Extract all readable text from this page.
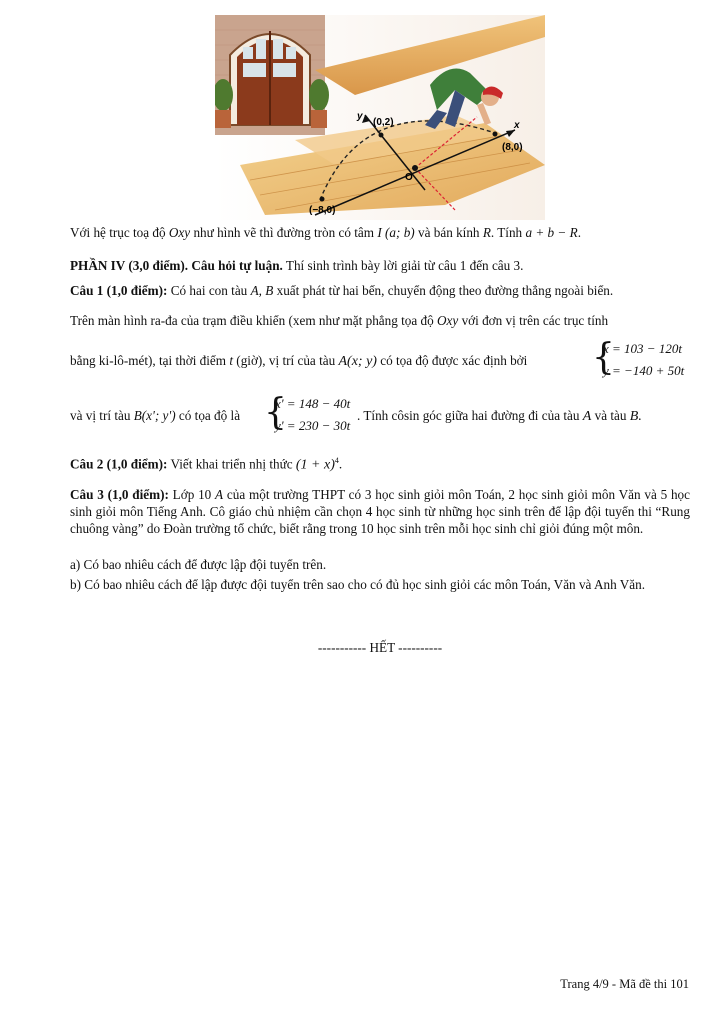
y
(0,2)	x
(8,0)
O
(−8,0)
Với hệ trục toạ độ Oxy như hình vẽ thì đường tròn có tâm I (a; b) và bán kính R. Tính a + b − R.
PHẦN IV (3,0 điểm). Câu hỏi tự luận. Thí sinh trình bày lời giải từ câu 1 đến câu 3.
Câu 1 (1,0 điểm): Có hai con tàu A, B xuất phát từ hai bến, chuyển động theo đường thẳng ngoài biển.
Trên màn hình ra-đa của trạm điều khiển (xem như mặt phẳng tọa độ Oxy với đơn vị trên các trục tính
bằng ki-lô-mét), tại thời điểm t (giờ), vị trí của tàu A(x; y) có tọa độ được xác định bởi {
x = 103 − 120t
y = −140 + 50t
và vị trí tàu B(x'; y') có tọa độ là {
x' = 148 − 40t
y' = 230 − 30t
. Tính côsin góc giữa hai đường đi của tàu A và tàu B.
Câu 2 (1,0 điểm): Viết khai triển nhị thức $(1 + x)^4$.
Câu 3 (1,0 điểm): Lớp 10 A của một trường THPT có 3 học sinh giỏi môn Toán, 2 học sinh giỏi môn Văn và 5 học sinh giỏi môn Tiếng Anh. Cô giáo chủ nhiệm cần chọn 4 học sinh từ những học sinh trên để lập đội tuyển thi “Rung chuông vàng” do Đoàn trường tổ chức, biết rằng trong 10 học sinh trên mỗi học sinh chỉ giỏi đúng một môn.
a) Có bao nhiêu cách để được lập đội tuyển trên.
b) Có bao nhiêu cách để lập được đội tuyển trên sao cho có đủ học sinh giỏi các môn Toán, Văn và Anh Văn.
----------- HẾT ----------
Trang 4/9 - Mã đề thi 101
